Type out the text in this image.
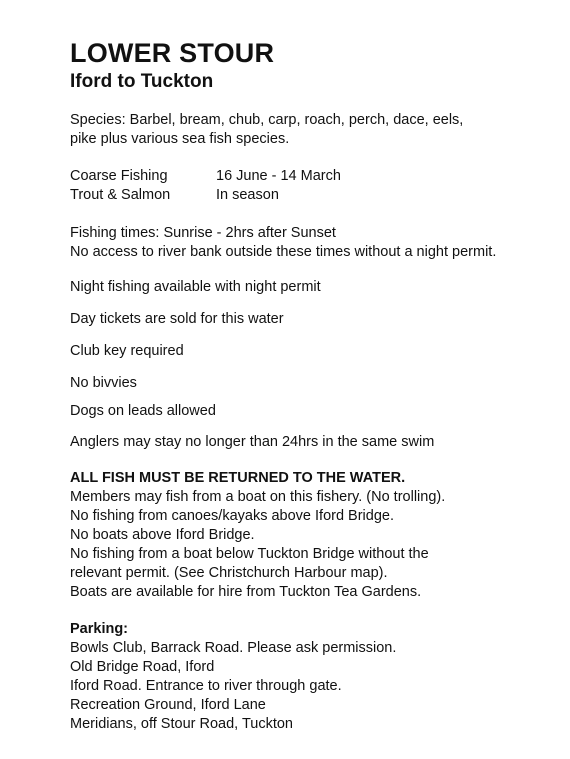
LOWER STOUR
Iford to Tuckton
Species: Barbel, bream, chub, carp, roach, perch, dace, eels,
pike plus various sea fish species.
Coarse Fishing	16 June - 14 March
Trout & Salmon	In season
Fishing times: Sunrise - 2hrs after Sunset
No access to river bank outside these times without a night permit.

Night fishing available with night permit

Day tickets are sold for this water

Club key required

No bivvies

Dogs on leads allowed

Anglers may stay no longer than 24hrs in the same swim

ALL FISH MUST BE RETURNED TO THE WATER.
Members may fish from a boat on this fishery. (No trolling).
No fishing from canoes/kayaks above Iford Bridge.
No boats above Iford Bridge.
No fishing from a boat below Tuckton Bridge without the
relevant permit. (See Christchurch Harbour map).
Boats are available for hire from Tuckton Tea Gardens.
Parking:
Bowls Club, Barrack Road. Please ask permission.
Old Bridge Road, Iford
Iford Road. Entrance to river through gate.
Recreation Ground, Iford Lane
Meridians, off Stour Road, Tuckton
